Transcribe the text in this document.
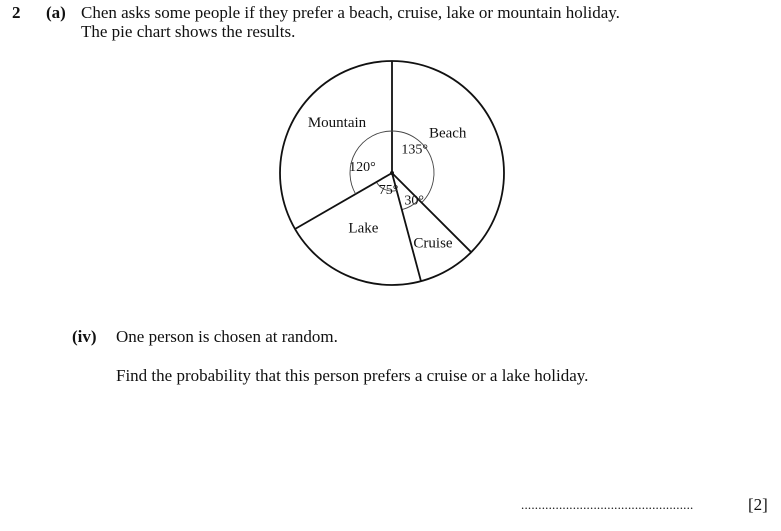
2 (a) Chen asks some people if they prefer a beach, cruise, lake or mountain holiday.
The pie chart shows the results.
Beach
135°
Cruise
30°
Lake
75°
Mountain
120°
(iv) One person is chosen at random.
Find the probability that this person prefers a cruise or a lake holiday.
..................................................	[2]
